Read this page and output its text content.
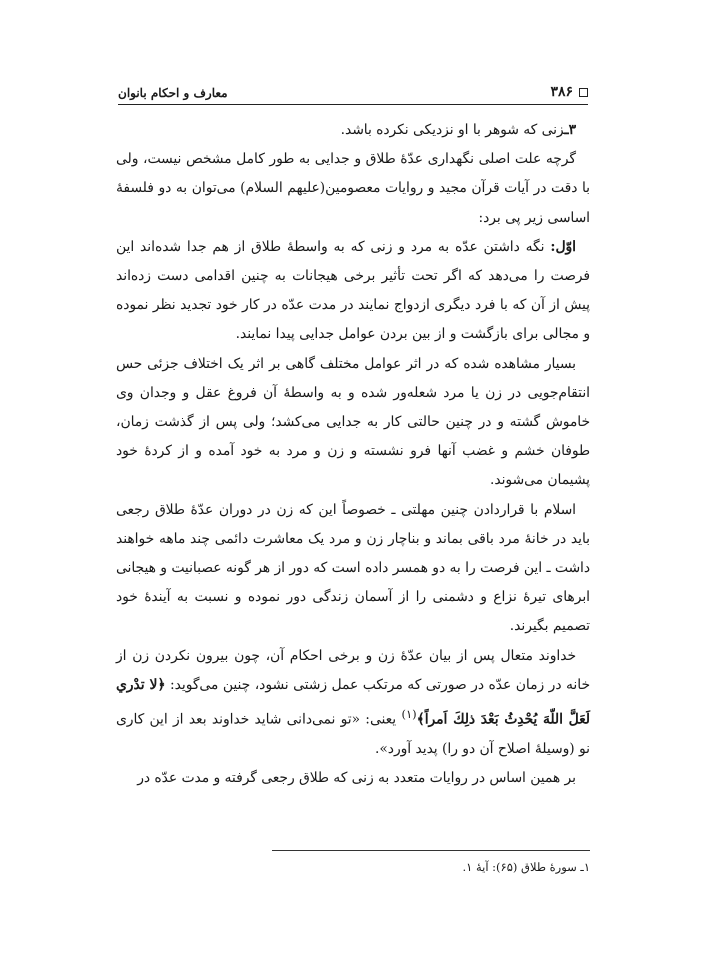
۳۸۶
معارف و احکام بانوان

۳ـزنی که شوهر با او نزدیکی نکرده باشد.

گرچه علت اصلی نگهداری عدّهٔ طلاق و جدایی به طور کامل مشخص نیست، ولی با دقت در آیات قرآن مجید و روایات معصومین(علیهم السلام) می‌توان به دو فلسفهٔ اساسی زیر پی برد:

اوّل: نگه داشتن عدّه به مرد و زنی که به واسطهٔ طلاق از هم جدا شده‌اند این فرصت را می‌دهد که اگر تحت تأثیر برخی هیجانات به چنین اقدامی دست زده‌اند پیش از آن که با فرد دیگری ازدواج نمایند در مدت عدّه در کار خود تجدید نظر نموده و مجالی برای بازگشت و از بین بردن عوامل جدایی پیدا نمایند.

بسیار مشاهده شده که در اثر عوامل مختلف گاهی بر اثر یک اختلاف جزئی حس انتقام‌جویی در زن یا مرد شعله‌ور شده و به واسطهٔ آن فروغ عقل و وجدان وی خاموش گشته و در چنین حالتی کار به جدایی می‌کشد؛ ولی پس از گذشت زمان، طوفان خشم و غضب آنها فرو نشسته و زن و مرد به خود آمده و از کردهٔ خود پشیمان می‌شوند.

اسلام با قراردادن چنین مهلتی ـ خصوصاً این که زن در دوران عدّهٔ طلاق رجعی باید در خانهٔ مرد باقی بماند و بناچار زن و مرد یک معاشرت دائمی چند ماهه خواهند داشت ـ این فرصت را به دو همسر داده است که دور از هر گونه عصبانیت و هیجانی ابرهای تیرهٔ نزاع و دشمنی را از آسمان زندگی دور نموده و نسبت به آیندهٔ خود تصمیم بگیرند.

خداوند متعال پس از بیان عدّهٔ زن و برخی احکام آن، چون بیرون نکردن زن از خانه در زمان عدّه در صورتی که مرتکب عمل زشتی نشود، چنین می‌گوید: ﴿لا تدْري لَعَلَّ اللّهَ يُحْدِثُ بَعْدَ ذلِكَ اَمراً﴾$^{(۱)}$ یعنی: «تو نمی‌دانی شاید خداوند بعد از این کاری نو (وسیلهٔ اصلاح آن دو را) پدید آورد».

بر همین اساس در روایات متعدد به زنی که طلاق رجعی گرفته و مدت عدّه در

۱ـ سورهٔ طلاق (۶۵): آیهٔ ۱.
